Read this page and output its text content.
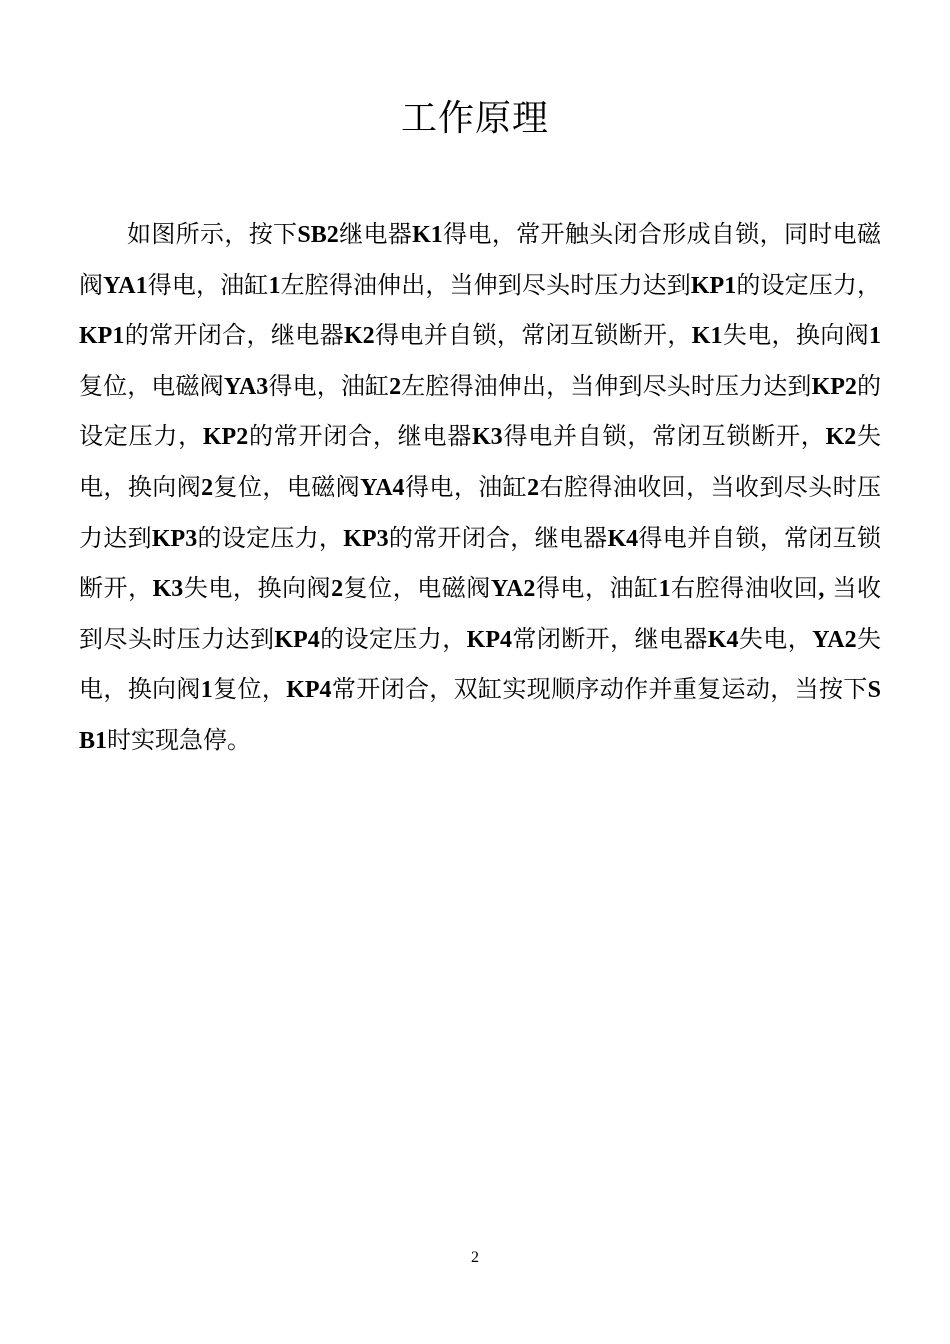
工作原理

如图所示，按下SB2继电器K1得电，常开触头闭合形成自锁，同时电磁阀YA1得电，油缸1左腔得油伸出，当伸到尽头时压力达到KP1的设定压力，KP1的常开闭合，继电器K2得电并自锁，常闭互锁断开，K1失电，换向阀1复位，电磁阀YA3得电，油缸2左腔得油伸出，当伸到尽头时压力达到KP2的设定压力，KP2的常开闭合，继电器K3得电并自锁，常闭互锁断开，K2失电，换向阀2复位，电磁阀YA4得电，油缸2右腔得油收回，当收到尽头时压力达到KP3的设定压力，KP3的常开闭合，继电器K4得电并自锁，常闭互锁断开，K3失电，换向阀2复位，电磁阀YA2得电，油缸1右腔得油收回, 当收到尽头时压力达到KP4的设定压力，KP4常闭断开，继电器K4失电，YA2失电，换向阀1复位，KP4常开闭合，双缸实现顺序动作并重复运动，当按下SB1时实现急停。

2
